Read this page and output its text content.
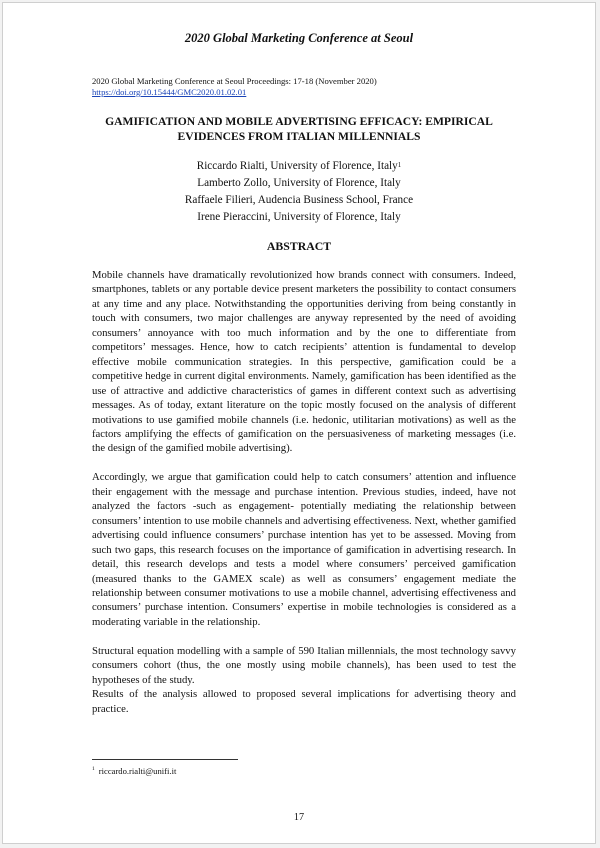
2020 Global Marketing Conference at Seoul
2020 Global Marketing Conference at Seoul Proceedings: 17-18 (November 2020)
https://doi.org/10.15444/GMC2020.01.02.01
GAMIFICATION AND MOBILE ADVERTISING EFFICACY: EMPIRICAL
EVIDENCES FROM ITALIAN MILLENNIALS
Riccardo Rialti, University of Florence, Italy$^1$
Lamberto Zollo, University of Florence, Italy
Raffaele Filieri, Audencia Business School, France
Irene Pieraccini, University of Florence, Italy
ABSTRACT

Mobile channels have dramatically revolutionized how brands connect with consumers. Indeed, smartphones, tablets or any portable device present marketers the possibility to contact consumers at any time and any place. Notwithstanding the opportunities deriving from being constantly in touch with consumers, two major challenges are anyway represented by the need of avoiding consumers’ annoyance with too much information and by the one to differentiate from competitors’ messages. Hence, how to catch recipients’ attention is fundamental to develop effective mobile communication strategies. In this perspective, gamification could be a competitive hedge in current digital environments. Namely, gamification has been identified as the use of attractive and addictive characteristics of games in different context such as advertising messages. As of today, extant literature on the topic mostly focused on the analysis of different motivations to use gamified mobile channels (i.e. hedonic, utilitarian motivations) as well as the factors amplifying the effects of gamification on the persuasiveness of marketing messages (i.e. the design of the gamified mobile advertising).

Accordingly, we argue that gamification could help to catch consumers’ attention and influence their engagement with the message and purchase intention. Previous studies, indeed, have not analyzed the factors -such as engagement- potentially mediating the relationship between consumers’ intention to use mobile channels and advertising effectiveness. Next, whether gamified advertising could influence consumers’ purchase intention has yet to be assessed. Moving from such two gaps, this research focuses on the importance of gamification in advertising research. In detail, this research develops and tests a model where consumers’ perceived gamification (measured thanks to the GAMEX scale) as well as consumers’ engagement mediate the relationship between consumer motivations to use a mobile channel, advertising effectiveness and consumers’ purchase intention. Consumers’ expertise in mobile technologies is considered as a moderating variable in the relationship.

Structural equation modelling with a sample of 590 Italian millennials, the most technology savvy consumers cohort (thus, the one mostly using mobile channels), has been used to test the hypotheses of the study.

Results of the analysis allowed to proposed several implications for advertising theory and practice.

$^1$ riccardo.rialti@unifi.it
17
